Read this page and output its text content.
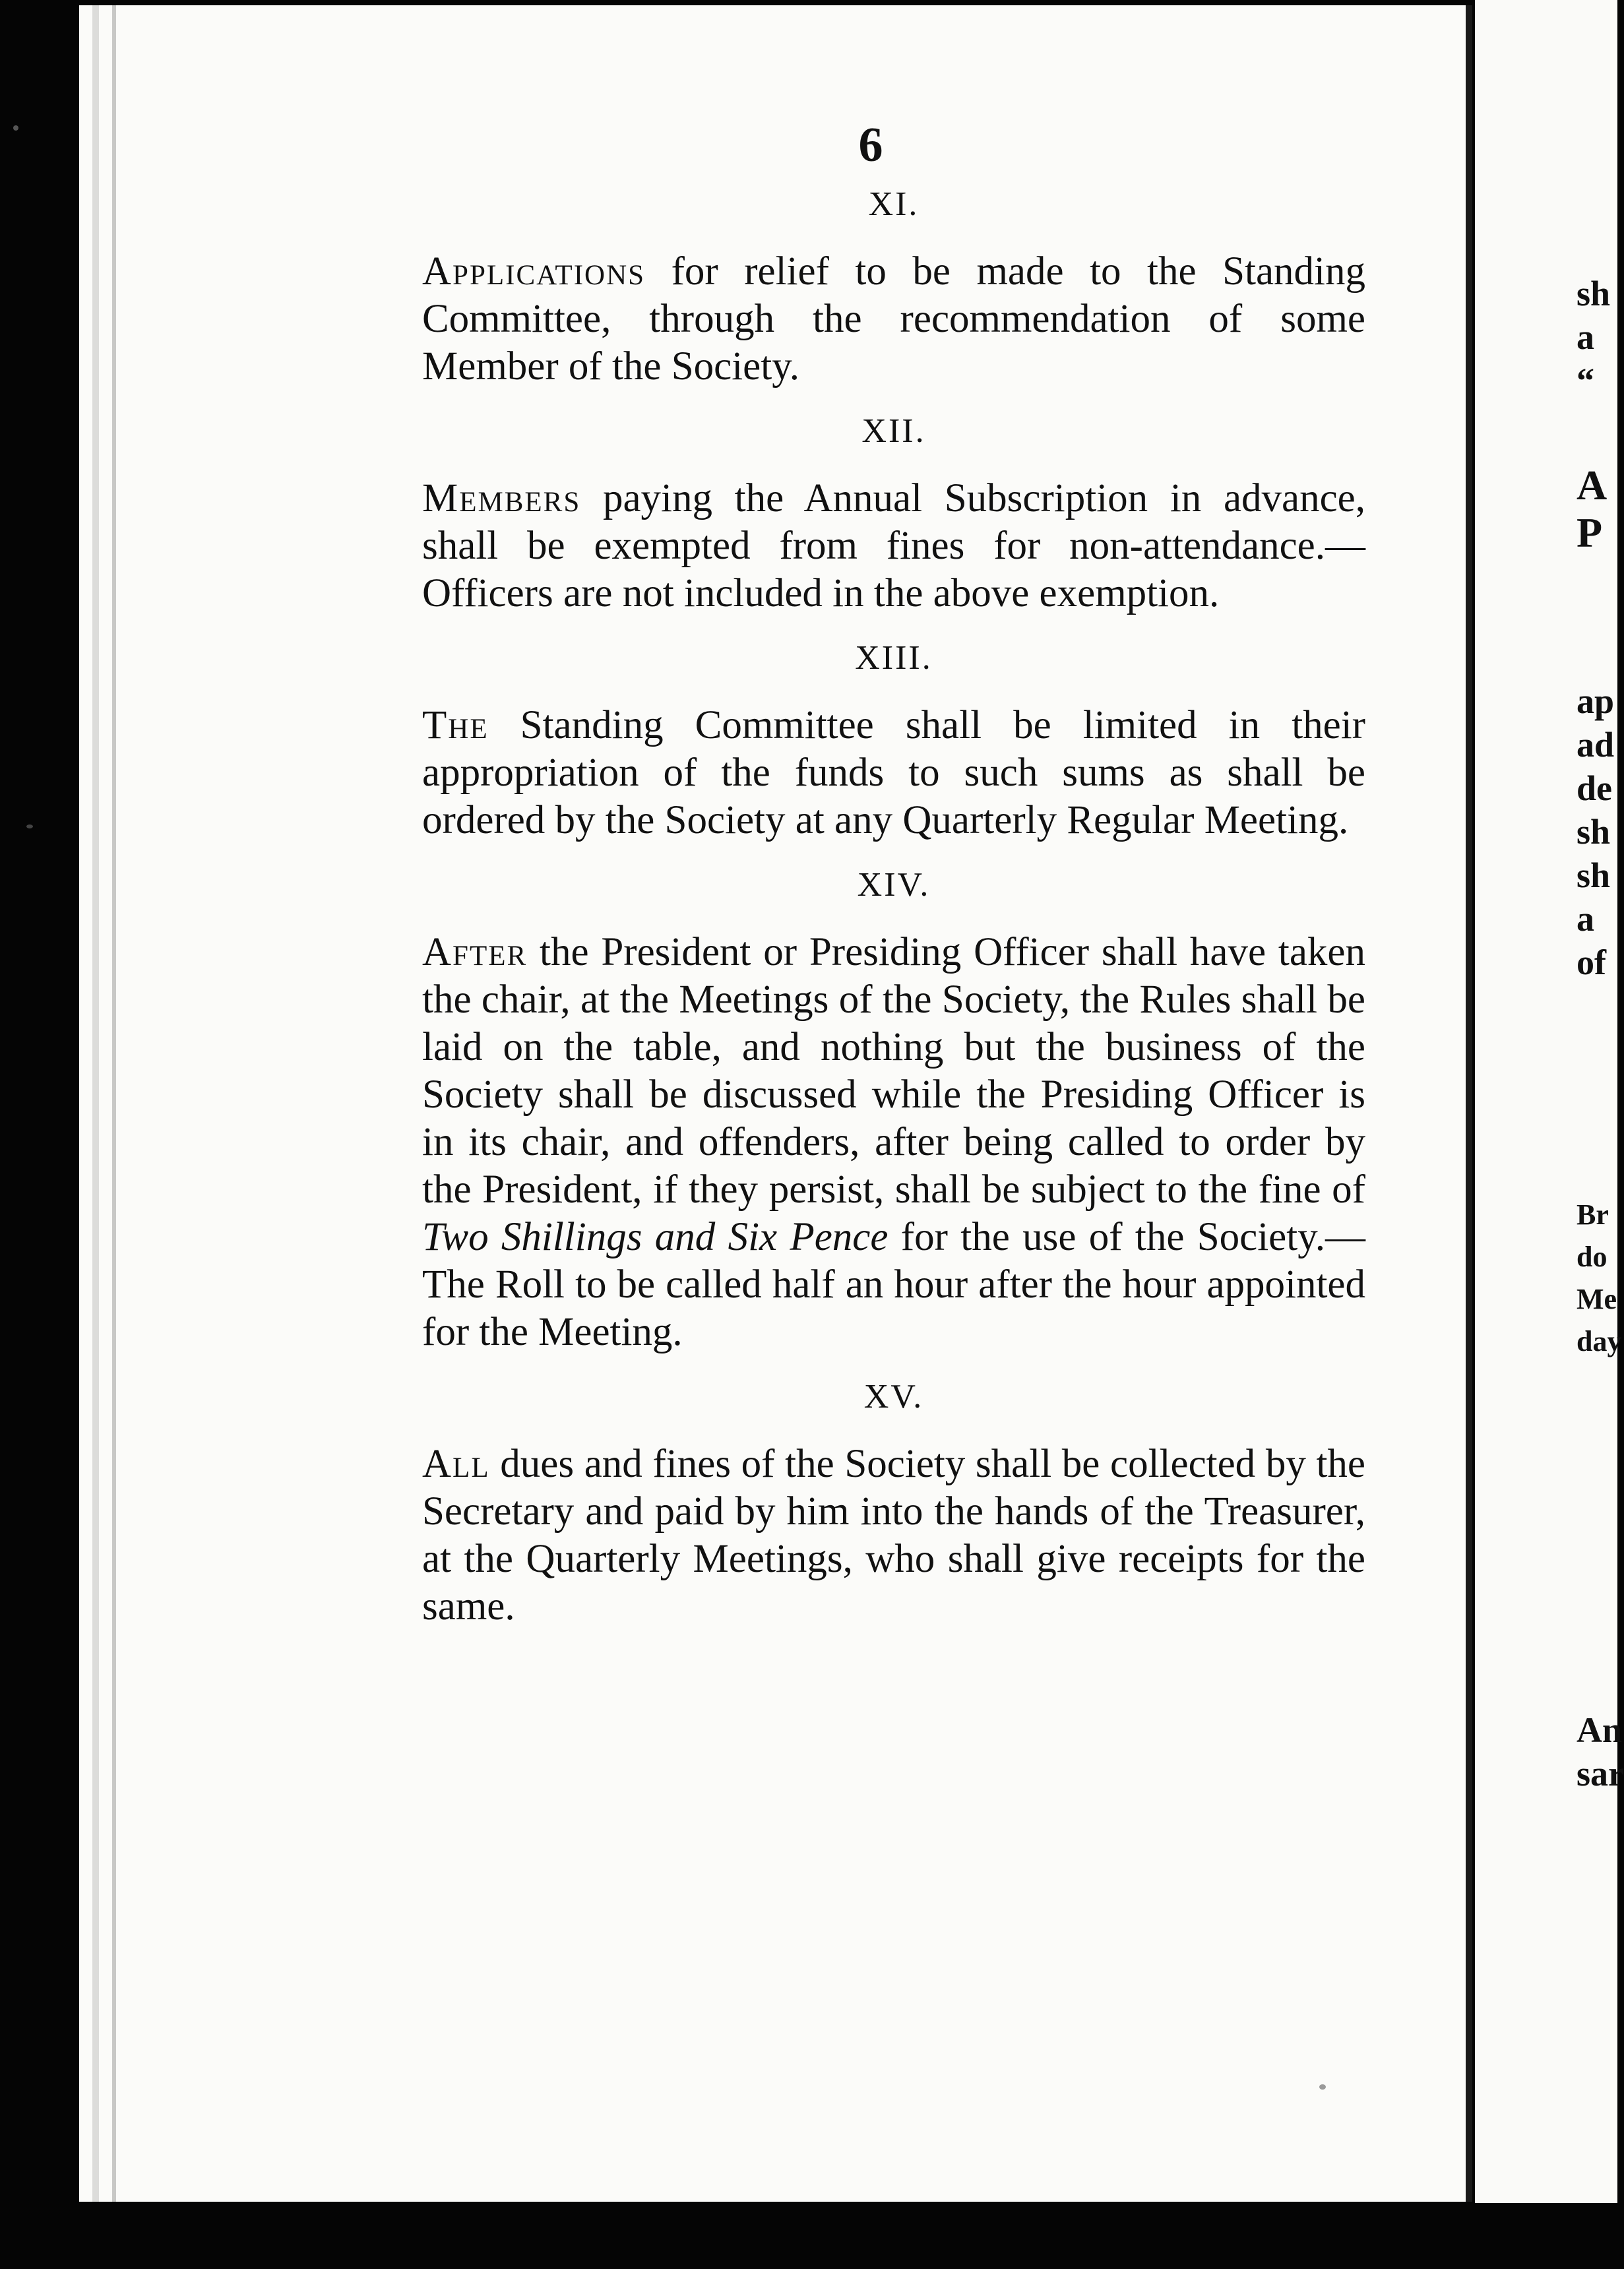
6
XI.
Applications for relief to be made to the Standing Committee, through the recommendation of some Member of the Society.
XII.
Members paying the Annual Subscription in advance, shall be exempted from fines for non-attendance.—Officers are not included in the above exemption.
XIII.
The Standing Committee shall be limited in their appropriation of the funds to such sums as shall be ordered by the Society at any Quarterly Regular Meeting.
XIV.
After the President or Presiding Officer shall have taken the chair, at the Meetings of the Society, the Rules shall be laid on the table, and nothing but the business of the Society shall be discussed while the Presiding Officer is in its chair, and offenders, after being called to order by the President, if they persist, shall be subject to the fine of Two Shillings and Six Pence for the use of the Society.—The Roll to be called half an hour after the hour appointed for the Meeting.
XV.
All dues and fines of the Society shall be collected by the Secretary and paid by him into the hands of the Treasurer, at the Quarterly Meetings, who shall give receipts for the same.
sh
a
“
A
P
ap
ad
de
sh
sh
a
of
Br
do
Me
day
An
sar
